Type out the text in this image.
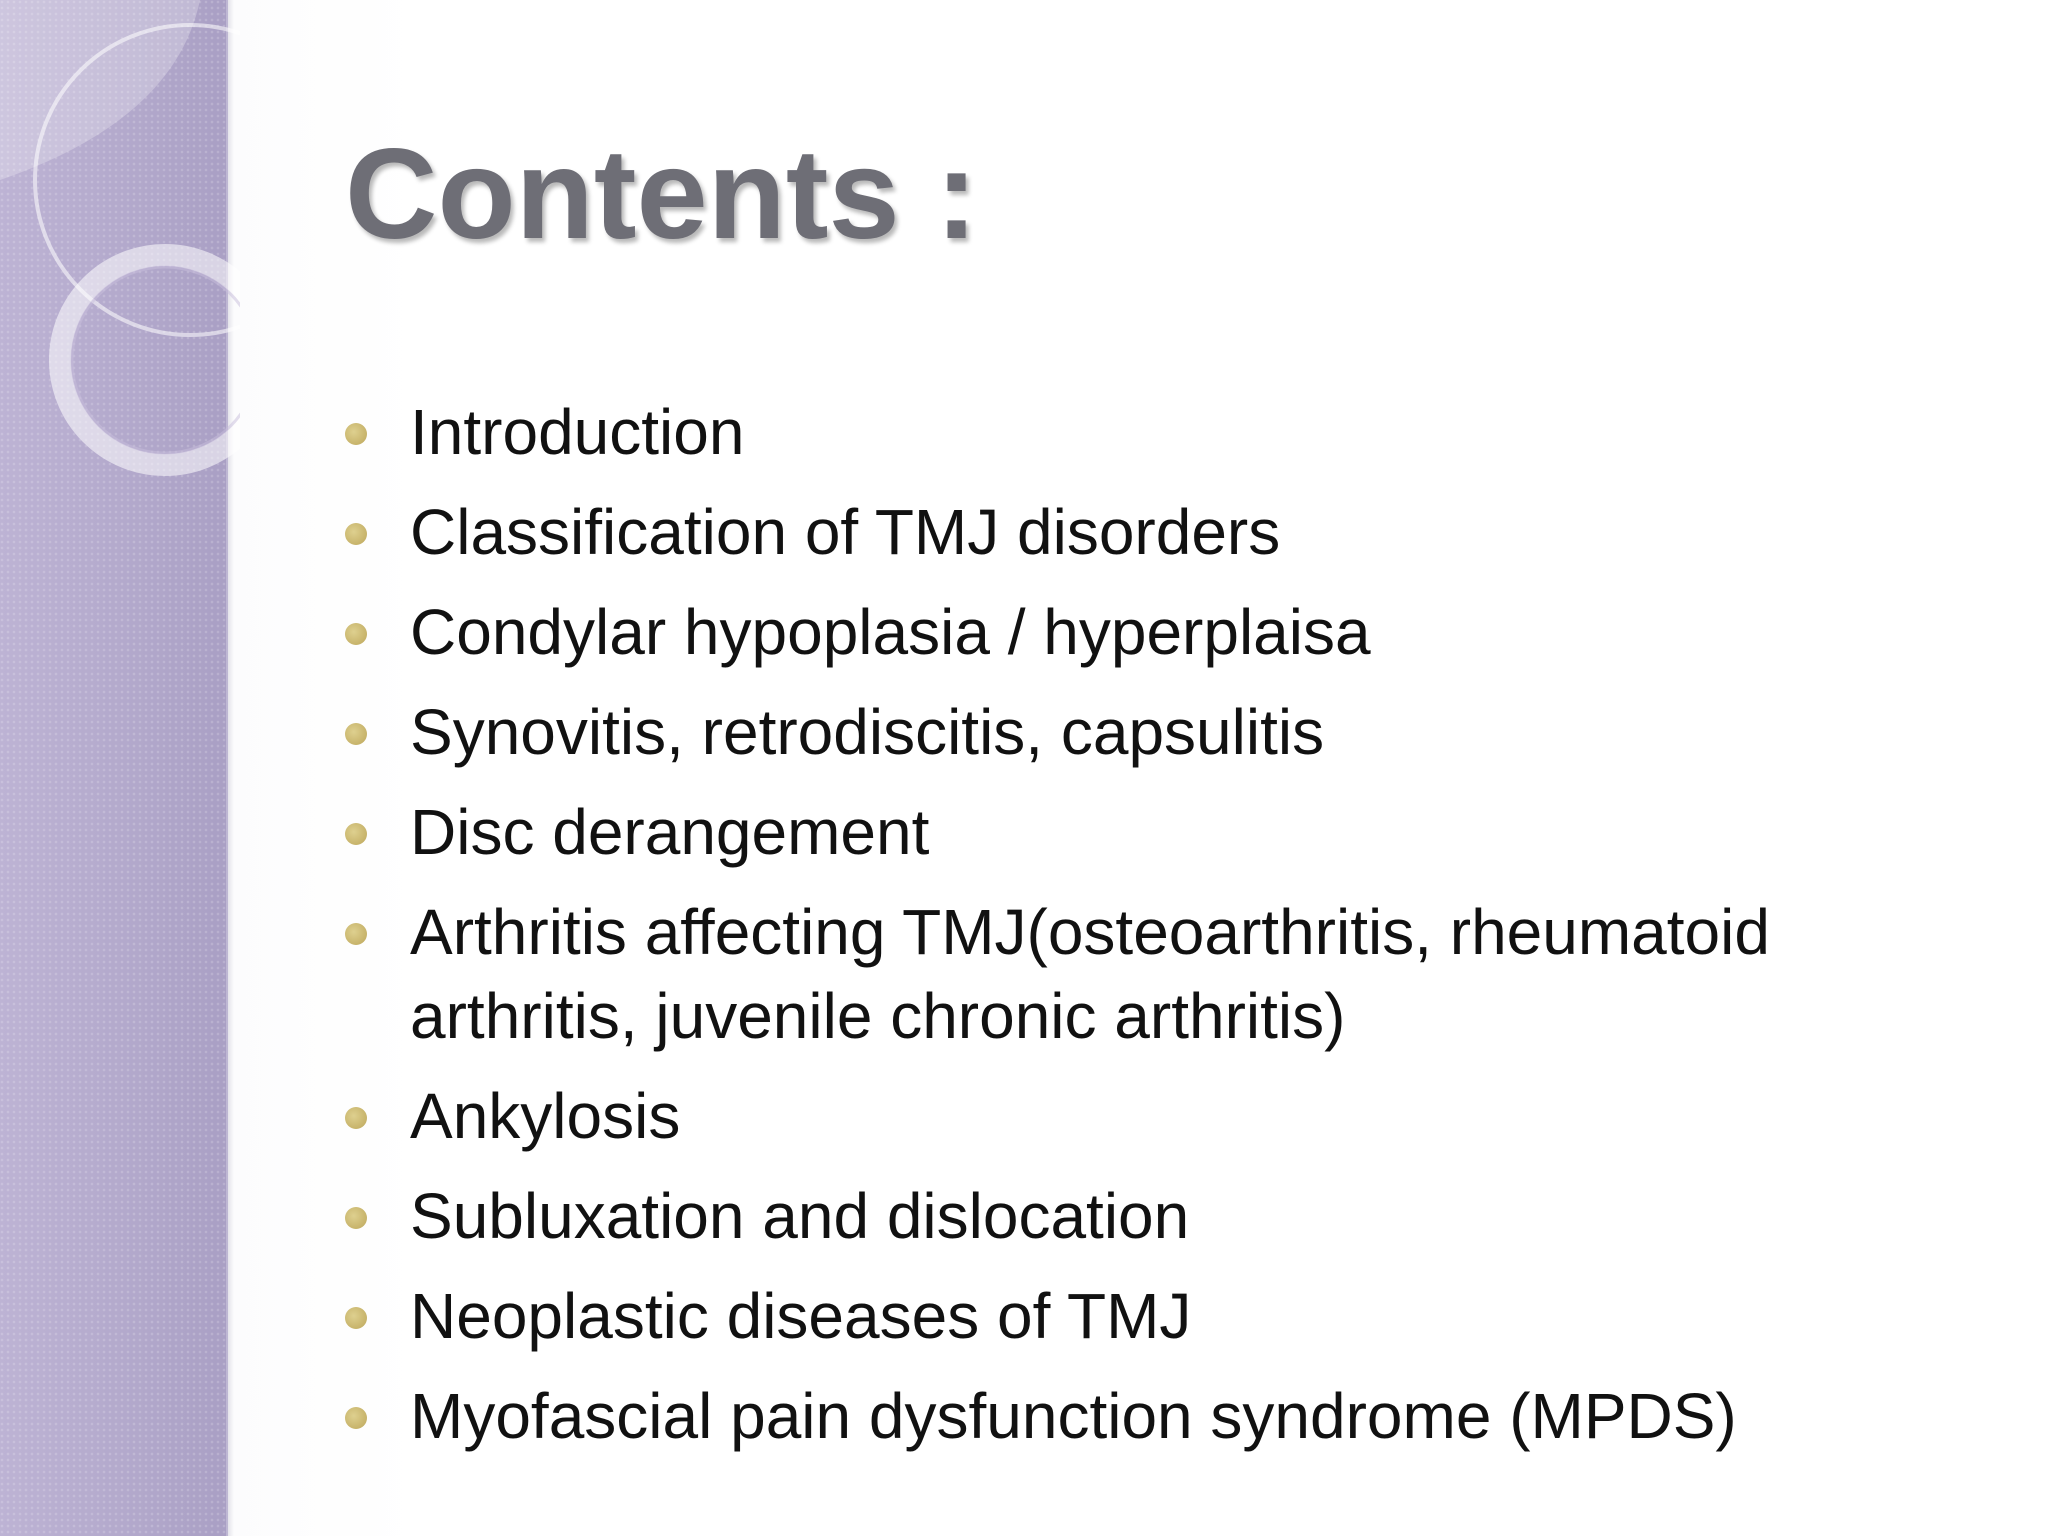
Contents :
Introduction
Classification of TMJ disorders
Condylar hypoplasia / hyperplaisa
Synovitis, retrodiscitis, capsulitis
Disc derangement
Arthritis affecting TMJ(osteoarthritis, rheumatoid arthritis, juvenile chronic arthritis)
Ankylosis
Subluxation and dislocation
Neoplastic diseases of TMJ
Myofascial pain dysfunction syndrome (MPDS)
